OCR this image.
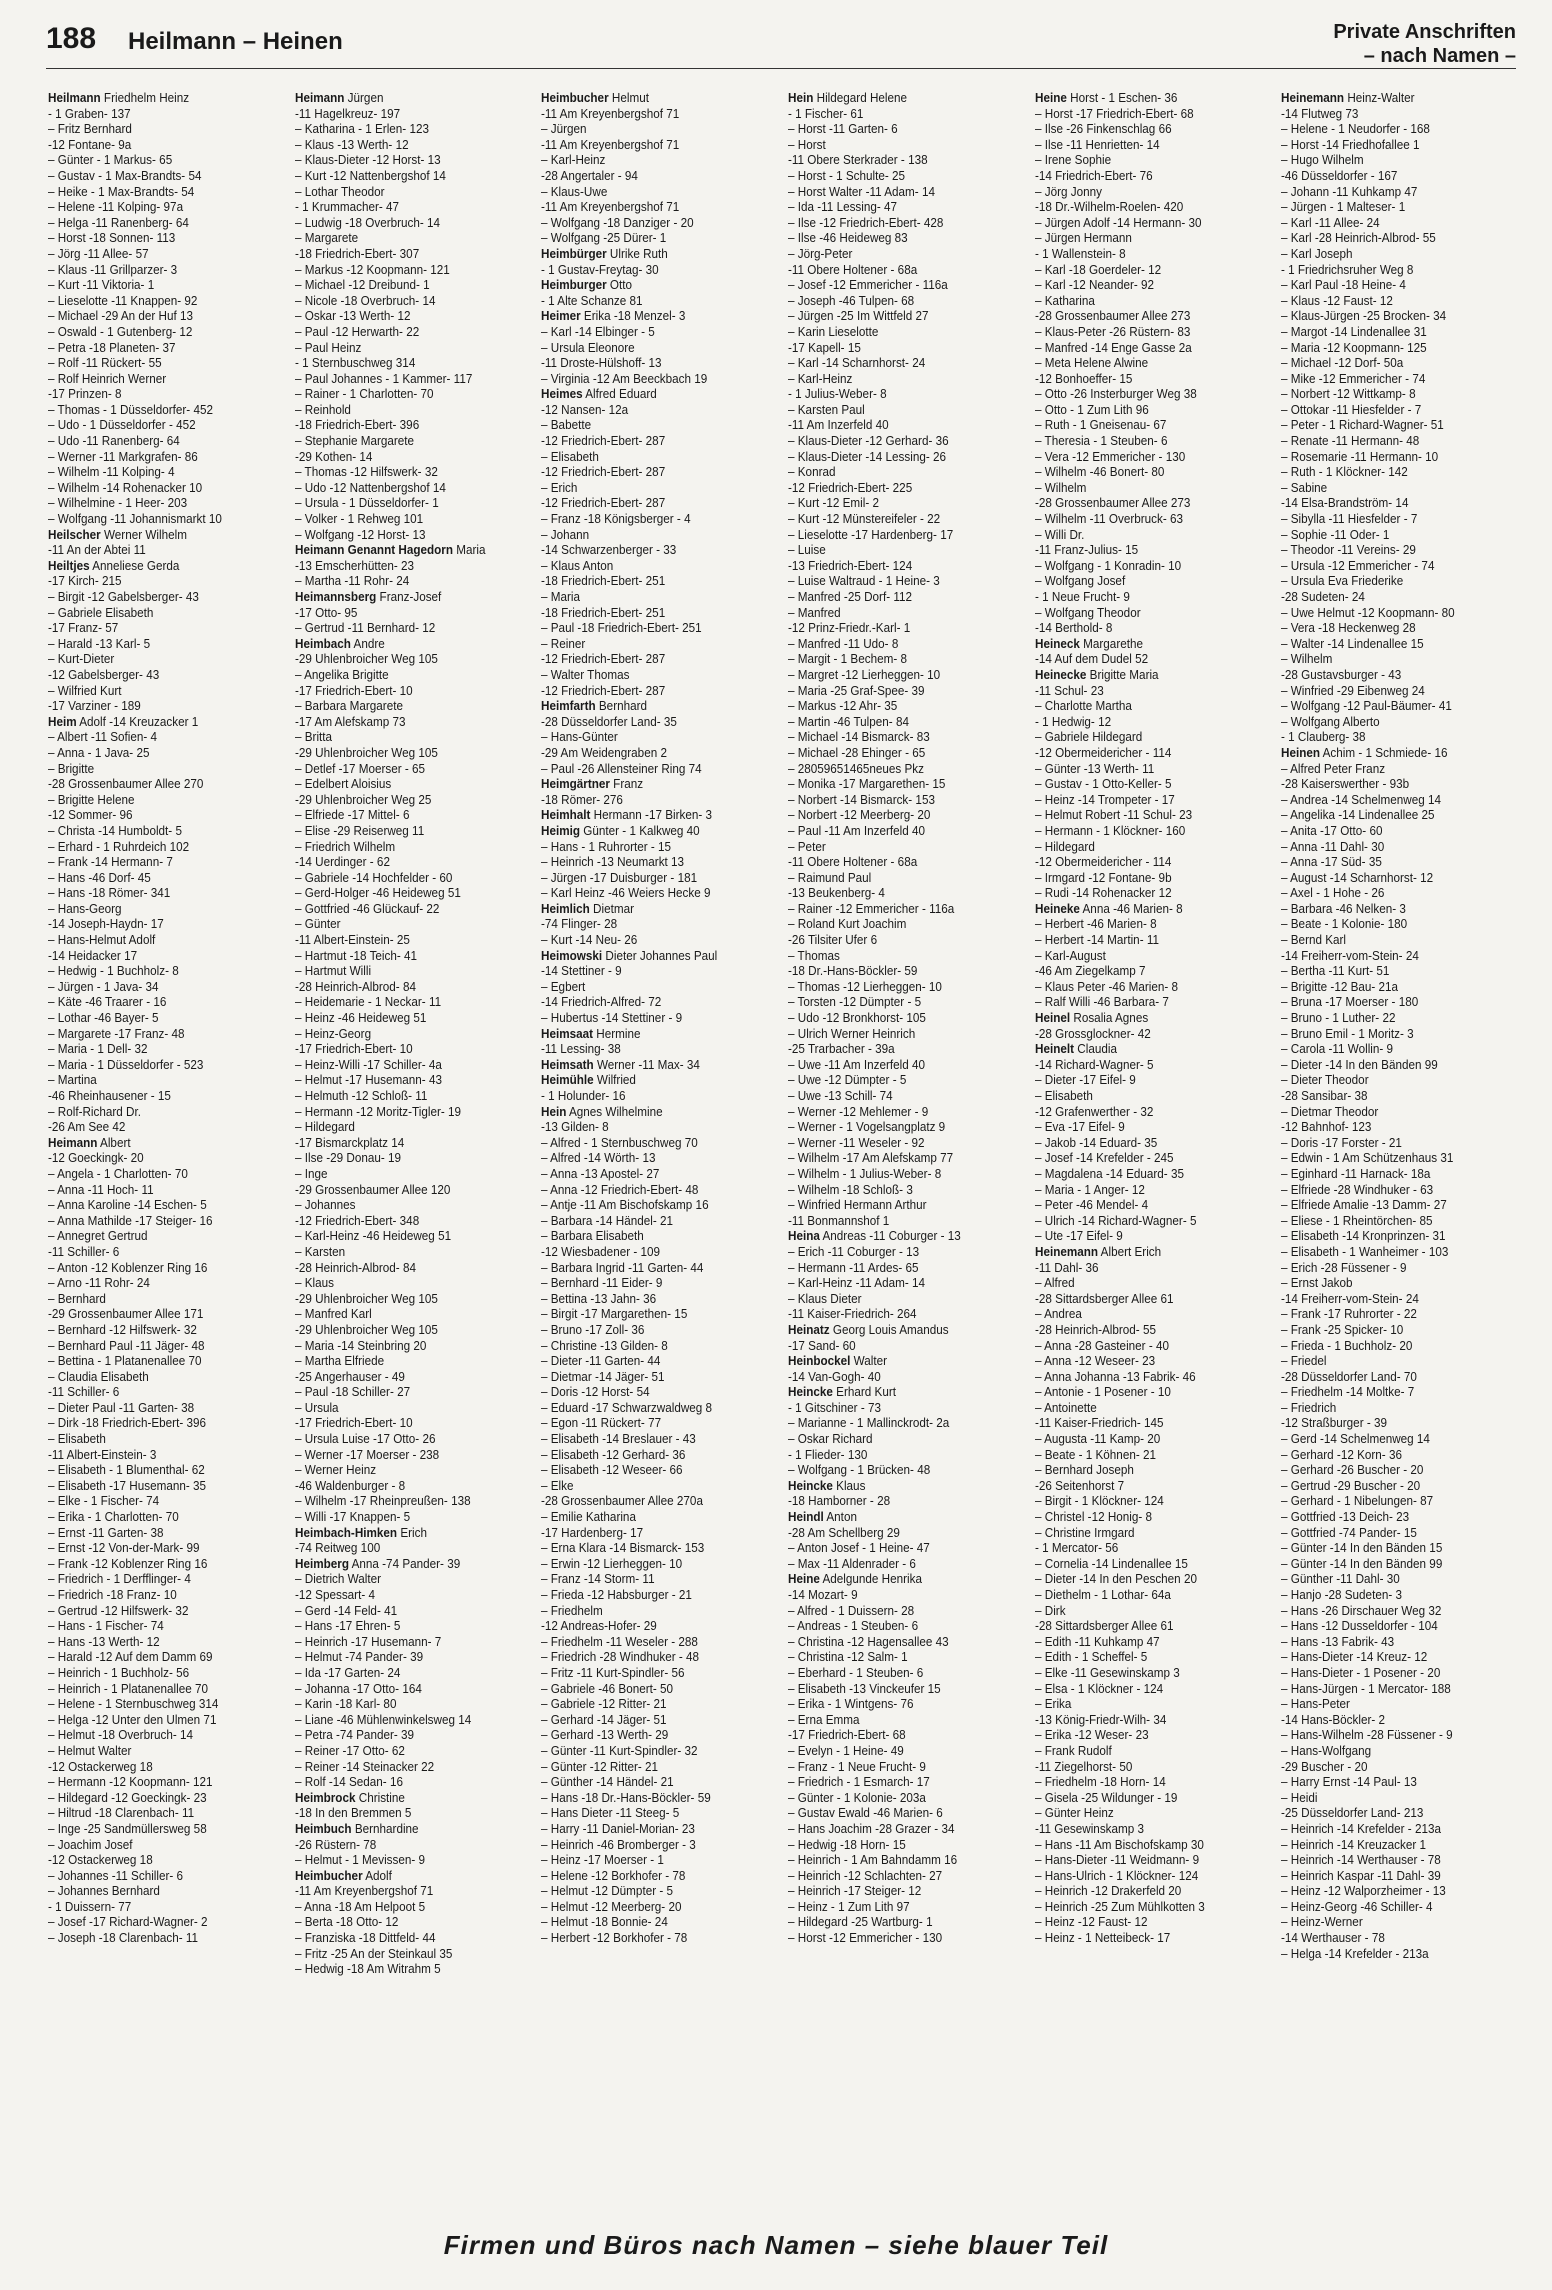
188 Heilmann – Heinen	Private Anschriften
– nach Namen –
Heilmann Friedhelm Heinz
- 1 Graben- 137
– Fritz Bernhard
-12 Fontane- 9a
– Günter - 1 Markus- 65
– Gustav - 1 Max-Brandts- 54
– Heike - 1 Max-Brandts- 54
– Helene -11 Kolping- 97a
– Helga -11 Ranenberg- 64
– Horst -18 Sonnen- 113
– Jörg -11 Allee- 57
– Klaus -11 Grillparzer- 3
– Kurt -11 Viktoria- 1
– Lieselotte -11 Knappen- 92
– Michael -29 An der Huf 13
– Oswald - 1 Gutenberg- 12
– Petra -18 Planeten- 37
– Rolf -11 Rückert- 55
– Rolf Heinrich Werner
-17 Prinzen- 8
– Thomas - 1 Düsseldorfer- 452
– Udo - 1 Düsseldorfer - 452
– Udo -11 Ranenberg- 64
– Werner -11 Markgrafen- 86
– Wilhelm -11 Kolping- 4
– Wilhelm -14 Rohenacker 10
– Wilhelmine - 1 Heer- 203
– Wolfgang -11 Johannismarkt 10
Heilscher Werner Wilhelm
-11 An der Abtei 11
Heiltjes Anneliese Gerda
-17 Kirch- 215
– Birgit -12 Gabelsberger- 43
– Gabriele Elisabeth
-17 Franz- 57
– Harald -13 Karl- 5
– Kurt-Dieter
-12 Gabelsberger- 43
– Wilfried Kurt
-17 Varziner - 189
Heim Adolf -14 Kreuzacker 1
– Albert -11 Sofien- 4
– Anna - 1 Java- 25
– Brigitte
-28 Grossenbaumer Allee 270
– Brigitte Helene
-12 Sommer- 96
– Christa -14 Humboldt- 5
– Erhard - 1 Ruhrdeich 102
– Frank -14 Hermann- 7
– Hans -46 Dorf- 45
– Hans -18 Römer- 341
– Hans-Georg
-14 Joseph-Haydn- 17
– Hans-Helmut Adolf
-14 Heidacker 17
– Hedwig - 1 Buchholz- 8
– Jürgen - 1 Java- 34
– Käte -46 Traarer - 16
– Lothar -46 Bayer- 5
– Margarete -17 Franz- 48
– Maria - 1 Dell- 32
– Maria - 1 Düsseldorfer - 523
– Martina
-46 Rheinhausener - 15
– Rolf-Richard Dr.
-26 Am See 42
Heimann Albert
-12 Goeckingk- 20
– Angela - 1 Charlotten- 70
– Anna -11 Hoch- 11
– Anna Karoline -14 Eschen- 5
– Anna Mathilde -17 Steiger- 16
– Annegret Gertrud
-11 Schiller- 6
– Anton -12 Koblenzer Ring 16
– Arno -11 Rohr- 24
– Bernhard
-29 Grossenbaumer Allee 171
– Bernhard -12 Hilfswerk- 32
– Bernhard Paul -11 Jäger- 48
– Bettina - 1 Platanenallee 70
– Claudia Elisabeth
-11 Schiller- 6
– Dieter Paul -11 Garten- 38
– Dirk -18 Friedrich-Ebert- 396
– Elisabeth
-11 Albert-Einstein- 3
– Elisabeth - 1 Blumenthal- 62
– Elisabeth -17 Husemann- 35
– Elke - 1 Fischer- 74
– Erika - 1 Charlotten- 70
– Ernst -11 Garten- 38
– Ernst -12 Von-der-Mark- 99
– Frank -12 Koblenzer Ring 16
– Friedrich - 1 Derfflinger- 4
– Friedrich -18 Franz- 10
– Gertrud -12 Hilfswerk- 32
– Hans - 1 Fischer- 74
– Hans -13 Werth- 12
– Harald -12 Auf dem Damm 69
– Heinrich - 1 Buchholz- 56
– Heinrich - 1 Platanenallee 70
– Helene - 1 Sternbuschweg 314
– Helga -12 Unter den Ulmen 71
– Helmut -18 Overbruch- 14
– Helmut Walter
-12 Ostackerweg 18
– Hermann -12 Koopmann- 121
– Hildegard -12 Goeckingk- 23
– Hiltrud -18 Clarenbach- 11
– Inge -25 Sandmüllersweg 58
– Joachim Josef
-12 Ostackerweg 18
– Johannes -11 Schiller- 6
– Johannes Bernhard
- 1 Duissern- 77
– Josef -17 Richard-Wagner- 2
– Joseph -18 Clarenbach- 11
Heimann Jürgen
-11 Hagelkreuz- 197
– Katharina - 1 Erlen- 123
– Klaus -13 Werth- 12
– Klaus-Dieter -12 Horst- 13
– Kurt -12 Nattenbergshof 14
– Lothar Theodor
- 1 Krummacher- 47
– Ludwig -18 Overbruch- 14
– Margarete
-18 Friedrich-Ebert- 307
– Markus -12 Koopmann- 121
– Michael -12 Dreibund- 1
– Nicole -18 Overbruch- 14
– Oskar -13 Werth- 12
– Paul -12 Herwarth- 22
– Paul Heinz
- 1 Sternbuschweg 314
– Paul Johannes - 1 Kammer- 117
– Rainer - 1 Charlotten- 70
– Reinhold
-18 Friedrich-Ebert- 396
– Stephanie Margarete
-29 Kothen- 14
– Thomas -12 Hilfswerk- 32
– Udo -12 Nattenbergshof 14
– Ursula - 1 Düsseldorfer- 1
– Volker - 1 Rehweg 101
– Wolfgang -12 Horst- 13
Heimann Genannt Hagedorn Maria
-13 Emscherhütten- 23
– Martha -11 Rohr- 24
Heimannsberg Franz-Josef
-17 Otto- 95
– Gertrud -11 Bernhard- 12
Heimbach Andre
-29 Uhlenbroicher Weg 105
– Angelika Brigitte
-17 Friedrich-Ebert- 10
– Barbara Margarete
-17 Am Alefskamp 73
– Britta
-29 Uhlenbroicher Weg 105
– Detlef -17 Moerser - 65
– Edelbert Aloisius
-29 Uhlenbroicher Weg 25
– Elfriede -17 Mittel- 6
– Elise -29 Reiserweg 11
– Friedrich Wilhelm
-14 Uerdinger - 62
– Gabriele -14 Hochfelder - 60
– Gerd-Holger -46 Heideweg 51
– Gottfried -46 Glückauf- 22
– Günter
-11 Albert-Einstein- 25
– Hartmut -18 Teich- 41
– Hartmut Willi
-28 Heinrich-Albrod- 84
– Heidemarie - 1 Neckar- 11
– Heinz -46 Heideweg 51
– Heinz-Georg
-17 Friedrich-Ebert- 10
– Heinz-Willi -17 Schiller- 4a
– Helmut -17 Husemann- 43
– Helmuth -12 Schloß- 11
– Hermann -12 Moritz-Tigler- 19
– Hildegard
-17 Bismarckplatz 14
– Ilse -29 Donau- 19
– Inge
-29 Grossenbaumer Allee 120
– Johannes
-12 Friedrich-Ebert- 348
– Karl-Heinz -46 Heideweg 51
– Karsten
-28 Heinrich-Albrod- 84
– Klaus
-29 Uhlenbroicher Weg 105
– Manfred Karl
-29 Uhlenbroicher Weg 105
– Maria -14 Steinbring 20
– Martha Elfriede
-25 Angerhauser - 49
– Paul -18 Schiller- 27
– Ursula
-17 Friedrich-Ebert- 10
– Ursula Luise -17 Otto- 26
– Werner -17 Moerser - 238
– Werner Heinz
-46 Waldenburger - 8
– Wilhelm -17 Rheinpreußen- 138
– Willi -17 Knappen- 5
Heimbach-Himken Erich
-74 Reitweg 100
Heimberg Anna -74 Pander- 39
– Dietrich Walter
-12 Spessart- 4
– Gerd -14 Feld- 41
– Hans -17 Ehren- 5
– Heinrich -17 Husemann- 7
– Helmut -74 Pander- 39
– Ida -17 Garten- 24
– Johanna -17 Otto- 164
– Karin -18 Karl- 80
– Liane -46 Mühlenwinkelsweg 14
– Petra -74 Pander- 39
– Reiner -17 Otto- 62
– Reiner -14 Steinacker 22
– Rolf -14 Sedan- 16
Heimbrock Christine
-18 In den Bremmen 5
Heimbuch Bernhardine
-26 Rüstern- 78
– Helmut - 1 Mevissen- 9
Heimbucher Adolf
-11 Am Kreyenbergshof 71
– Anna -18 Am Helpoot 5
– Berta -18 Otto- 12
– Franziska -18 Dittfeld- 44
– Fritz -25 An der Steinkaul 35
– Hedwig -18 Am Witrahm 5
Heimbucher Helmut
-11 Am Kreyenbergshof 71
– Jürgen
-11 Am Kreyenbergshof 71
– Karl-Heinz
-28 Angertaler - 94
– Klaus-Uwe
-11 Am Kreyenbergshof 71
– Wolfgang -18 Danziger - 20
– Wolfgang -25 Dürer- 1
Heimbürger Ulrike Ruth
- 1 Gustav-Freytag- 30
Heimburger Otto
- 1 Alte Schanze 81
Heimer Erika -18 Menzel- 3
– Karl -14 Elbinger - 5
– Ursula Eleonore
-11 Droste-Hülshoff- 13
– Virginia -12 Am Beeckbach 19
Heimes Alfred Eduard
-12 Nansen- 12a
– Babette
-12 Friedrich-Ebert- 287
– Elisabeth
-12 Friedrich-Ebert- 287
– Erich
-12 Friedrich-Ebert- 287
– Franz -18 Königsberger - 4
– Johann
-14 Schwarzenberger - 33
– Klaus Anton
-18 Friedrich-Ebert- 251
– Maria
-18 Friedrich-Ebert- 251
– Paul -18 Friedrich-Ebert- 251
– Reiner
-12 Friedrich-Ebert- 287
– Walter Thomas
-12 Friedrich-Ebert- 287
Heimfarth Bernhard
-28 Düsseldorfer Land- 35
– Hans-Günter
-29 Am Weidengraben 2
– Paul -26 Allensteiner Ring 74
Heimgärtner Franz
-18 Römer- 276
Heimhalt Hermann -17 Birken- 3
Heimig Günter - 1 Kalkweg 40
– Hans - 1 Ruhrorter - 15
– Heinrich -13 Neumarkt 13
– Jürgen -17 Duisburger - 181
– Karl Heinz -46 Weiers Hecke 9
Heimlich Dietmar
-74 Flinger- 28
– Kurt -14 Neu- 26
Heimowski Dieter Johannes Paul
-14 Stettiner - 9
– Egbert
-14 Friedrich-Alfred- 72
– Hubertus -14 Stettiner - 9
Heimsaat Hermine
-11 Lessing- 38
Heimsath Werner -11 Max- 34
Heimühle Wilfried
- 1 Holunder- 16
Hein Agnes Wilhelmine
-13 Gilden- 8
– Alfred - 1 Sternbuschweg 70
– Alfred -14 Wörth- 13
– Anna -13 Apostel- 27
– Anna -12 Friedrich-Ebert- 48
– Antje -11 Am Bischofskamp 16
– Barbara -14 Händel- 21
– Barbara Elisabeth
-12 Wiesbadener - 109
– Barbara Ingrid -11 Garten- 44
– Bernhard -11 Eider- 9
– Bettina -13 Jahn- 36
– Birgit -17 Margarethen- 15
– Bruno -17 Zoll- 36
– Christine -13 Gilden- 8
– Dieter -11 Garten- 44
– Dietmar -14 Jäger- 51
– Doris -12 Horst- 54
– Eduard -17 Schwarzwaldweg 8
– Egon -11 Rückert- 77
– Elisabeth -14 Breslauer - 43
– Elisabeth -12 Gerhard- 36
– Elisabeth -12 Weseer- 66
– Elke
-28 Grossenbaumer Allee 270a
– Emilie Katharina
-17 Hardenberg- 17
– Erna Klara -14 Bismarck- 153
– Erwin -12 Lierheggen- 10
– Franz -14 Storm- 11
– Frieda -12 Habsburger - 21
– Friedhelm
-12 Andreas-Hofer- 29
– Friedhelm -11 Weseler - 288
– Friedrich -28 Windhuker - 48
– Fritz -11 Kurt-Spindler- 56
– Gabriele -46 Bonert- 50
– Gabriele -12 Ritter- 21
– Gerhard -14 Jäger- 51
– Gerhard -13 Werth- 29
– Günter -11 Kurt-Spindler- 32
– Günter -12 Ritter- 21
– Günther -14 Händel- 21
– Hans -18 Dr.-Hans-Böckler- 59
– Hans Dieter -11 Steeg- 5
– Harry -11 Daniel-Morian- 23
– Heinrich -46 Bromberger - 3
– Heinz -17 Moerser - 1
– Helene -12 Borkhofer - 78
– Helmut -12 Dümpter - 5
– Helmut -12 Meerberg- 20
– Helmut -18 Bonnie- 24
– Herbert -12 Borkhofer - 78
Hein Hildegard Helene
- 1 Fischer- 61
– Horst -11 Garten- 6
– Horst
-11 Obere Sterkrader - 138
– Horst - 1 Schulte- 25
– Horst Walter -11 Adam- 14
– Ida -11 Lessing- 47
– Ilse -12 Friedrich-Ebert- 428
– Ilse -46 Heideweg 83
– Jörg-Peter
-11 Obere Holtener - 68a
– Josef -12 Emmericher - 116a
– Joseph -46 Tulpen- 68
– Jürgen -25 Im Wittfeld 27
– Karin Lieselotte
-17 Kapell- 15
– Karl -14 Scharnhorst- 24
– Karl-Heinz
- 1 Julius-Weber- 8
– Karsten Paul
-11 Am Inzerfeld 40
– Klaus-Dieter -12 Gerhard- 36
– Klaus-Dieter -14 Lessing- 26
– Konrad
-12 Friedrich-Ebert- 225
– Kurt -12 Emil- 2
– Kurt -12 Münstereifeler - 22
– Lieselotte -17 Hardenberg- 17
– Luise
-13 Friedrich-Ebert- 124
– Luise Waltraud - 1 Heine- 3
– Manfred -25 Dorf- 112
– Manfred
-12 Prinz-Friedr.-Karl- 1
– Manfred -11 Udo- 8
– Margit - 1 Bechem- 8
– Margret -12 Lierheggen- 10
– Maria -25 Graf-Spee- 39
– Markus -12 Ahr- 35
– Martin -46 Tulpen- 84
– Michael -14 Bismarck- 83
– Michael -28 Ehinger - 65
– 28059651465neues Pkz
– Monika -17 Margarethen- 15
– Norbert -14 Bismarck- 153
– Norbert -12 Meerberg- 20
– Paul -11 Am Inzerfeld 40
– Peter
-11 Obere Holtener - 68a
– Raimund Paul
-13 Beukenberg- 4
– Rainer -12 Emmericher - 116a
– Roland Kurt Joachim
-26 Tilsiter Ufer 6
– Thomas
-18 Dr.-Hans-Böckler- 59
– Thomas -12 Lierheggen- 10
– Torsten -12 Dümpter - 5
– Udo -12 Bronkhorst- 105
– Ulrich Werner Heinrich
-25 Trarbacher - 39a
– Uwe -11 Am Inzerfeld 40
– Uwe -12 Dümpter - 5
– Uwe -13 Schill- 74
– Werner -12 Mehlemer - 9
– Werner - 1 Vogelsangplatz 9
– Werner -11 Weseler - 92
– Wilhelm -17 Am Alefskamp 77
– Wilhelm - 1 Julius-Weber- 8
– Wilhelm -18 Schloß- 3
– Winfried Hermann Arthur
-11 Bonmannshof 1
Heina Andreas -11 Coburger - 13
– Erich -11 Coburger - 13
– Hermann -11 Ardes- 65
– Karl-Heinz -11 Adam- 14
– Klaus Dieter
-11 Kaiser-Friedrich- 264
Heinatz Georg Louis Amandus
-17 Sand- 60
Heinbockel Walter
-14 Van-Gogh- 40
Heincke Erhard Kurt
- 1 Gitschiner - 73
– Marianne - 1 Mallinckrodt- 2a
– Oskar Richard
- 1 Flieder- 130
– Wolfgang - 1 Brücken- 48
Heincke Klaus
-18 Hamborner - 28
Heindl Anton
-28 Am Schellberg 29
– Anton Josef - 1 Heine- 47
– Max -11 Aldenrader - 6
Heine Adelgunde Henrika
-14 Mozart- 9
– Alfred - 1 Duissern- 28
– Andreas - 1 Steuben- 6
– Christina -12 Hagensallee 43
– Christina -12 Salm- 1
– Eberhard - 1 Steuben- 6
– Elisabeth -13 Vinckeufer 15
– Erika - 1 Wintgens- 76
– Erna Emma
-17 Friedrich-Ebert- 68
– Evelyn - 1 Heine- 49
– Franz - 1 Neue Frucht- 9
– Friedrich - 1 Esmarch- 17
– Günter - 1 Kolonie- 203a
– Gustav Ewald -46 Marien- 6
– Hans Joachim -28 Grazer - 34
– Hedwig -18 Horn- 15
– Heinrich - 1 Am Bahndamm 16
– Heinrich -12 Schlachten- 27
– Heinrich -17 Steiger- 12
– Heinz - 1 Zum Lith 97
– Hildegard -25 Wartburg- 1
– Horst -12 Emmericher - 130
Heine Horst - 1 Eschen- 36
– Horst -17 Friedrich-Ebert- 68
– Ilse -26 Finkenschlag 66
– Ilse -11 Henrietten- 14
– Irene Sophie
-14 Friedrich-Ebert- 76
– Jörg Jonny
-18 Dr.-Wilhelm-Roelen- 420
– Jürgen Adolf -14 Hermann- 30
– Jürgen Hermann
- 1 Wallenstein- 8
– Karl -18 Goerdeler- 12
– Karl -12 Neander- 92
– Katharina
-28 Grossenbaumer Allee 273
– Klaus-Peter -26 Rüstern- 83
– Manfred -14 Enge Gasse 2a
– Meta Helene Alwine
-12 Bonhoeffer- 15
– Otto -26 Insterburger Weg 38
– Otto - 1 Zum Lith 96
– Ruth - 1 Gneisenau- 67
– Theresia - 1 Steuben- 6
– Vera -12 Emmericher - 130
– Wilhelm -46 Bonert- 80
– Wilhelm
-28 Grossenbaumer Allee 273
– Wilhelm -11 Overbruck- 63
– Willi Dr.
-11 Franz-Julius- 15
– Wolfgang - 1 Konradin- 10
– Wolfgang Josef
- 1 Neue Frucht- 9
– Wolfgang Theodor
-14 Berthold- 8
Heineck Margarethe
-14 Auf dem Dudel 52
Heinecke Brigitte Maria
-11 Schul- 23
– Charlotte Martha
- 1 Hedwig- 12
– Gabriele Hildegard
-12 Obermeidericher - 114
– Günter -13 Werth- 11
– Gustav - 1 Otto-Keller- 5
– Heinz -14 Trompeter - 17
– Helmut Robert -11 Schul- 23
– Hermann - 1 Klöckner- 160
– Hildegard
-12 Obermeidericher - 114
– Irmgard -12 Fontane- 9b
– Rudi -14 Rohenacker 12
Heineke Anna -46 Marien- 8
– Herbert -46 Marien- 8
– Herbert -14 Martin- 11
– Karl-August
-46 Am Ziegelkamp 7
– Klaus Peter -46 Marien- 8
– Ralf Willi -46 Barbara- 7
Heinel Rosalia Agnes
-28 Grossglockner- 42
Heinelt Claudia
-14 Richard-Wagner- 5
– Dieter -17 Eifel- 9
– Elisabeth
-12 Grafenwerther - 32
– Eva -17 Eifel- 9
– Jakob -14 Eduard- 35
– Josef -14 Krefelder - 245
– Magdalena -14 Eduard- 35
– Maria - 1 Anger- 12
– Peter -46 Mendel- 4
– Ulrich -14 Richard-Wagner- 5
– Ute -17 Eifel- 9
Heinemann Albert Erich
-11 Dahl- 36
– Alfred
-28 Sittardsberger Allee 61
– Andrea
-28 Heinrich-Albrod- 55
– Anna -28 Gasteiner - 40
– Anna -12 Weseer- 23
– Anna Johanna -13 Fabrik- 46
– Antonie - 1 Posener - 10
– Antoinette
-11 Kaiser-Friedrich- 145
– Augusta -11 Kamp- 20
– Beate - 1 Köhnen- 21
– Bernhard Joseph
-26 Seitenhorst 7
– Birgit - 1 Klöckner- 124
– Christel -12 Honig- 8
– Christine Irmgard
- 1 Mercator- 56
– Cornelia -14 Lindenallee 15
– Dieter -14 In den Peschen 20
– Diethelm - 1 Lothar- 64a
– Dirk
-28 Sittardsberger Allee 61
– Edith -11 Kuhkamp 47
– Edith - 1 Scheffel- 5
– Elke -11 Gesewinskamp 3
– Elsa - 1 Klöckner - 124
– Erika
-13 König-Friedr-Wilh- 34
– Erika -12 Weser- 23
– Frank Rudolf
-11 Ziegelhorst- 50
– Friedhelm -18 Horn- 14
– Gisela -25 Wildunger - 19
– Günter Heinz
-11 Gesewinskamp 3
– Hans -11 Am Bischofskamp 30
– Hans-Dieter -11 Weidmann- 9
– Hans-Ulrich - 1 Klöckner- 124
– Heinrich -12 Drakerfeld 20
– Heinrich -25 Zum Mühlkotten 3
– Heinz -12 Faust- 12
– Heinz - 1 Netteibeck- 17
Heinemann Heinz-Walter
-14 Flutweg 73
– Helene - 1 Neudorfer - 168
– Horst -14 Friedhofallee 1
– Hugo Wilhelm
-46 Düsseldorfer - 167
– Johann -11 Kuhkamp 47
– Jürgen - 1 Malteser- 1
– Karl -11 Allee- 24
– Karl -28 Heinrich-Albrod- 55
– Karl Joseph
- 1 Friedrichsruher Weg 8
– Karl Paul -18 Heine- 4
– Klaus -12 Faust- 12
– Klaus-Jürgen -25 Brocken- 34
– Margot -14 Lindenallee 31
– Maria -12 Koopmann- 125
– Michael -12 Dorf- 50a
– Mike -12 Emmericher - 74
– Norbert -12 Wittkamp- 8
– Ottokar -11 Hiesfelder - 7
– Peter - 1 Richard-Wagner- 51
– Renate -11 Hermann- 48
– Rosemarie -11 Hermann- 10
– Ruth - 1 Klöckner- 142
– Sabine
-14 Elsa-Brandström- 14
– Sibylla -11 Hiesfelder - 7
– Sophie -11 Oder- 1
– Theodor -11 Vereins- 29
– Ursula -12 Emmericher - 74
– Ursula Eva Friederike
-28 Sudeten- 24
– Uwe Helmut -12 Koopmann- 80
– Vera -18 Heckenweg 28
– Walter -14 Lindenallee 15
– Wilhelm
-28 Gustavsburger - 43
– Winfried -29 Eibenweg 24
– Wolfgang -12 Paul-Bäumer- 41
– Wolfgang Alberto
- 1 Clauberg- 38
Heinen Achim - 1 Schmiede- 16
– Alfred Peter Franz
-28 Kaiserswerther - 93b
– Andrea -14 Schelmenweg 14
– Angelika -14 Lindenallee 25
– Anita -17 Otto- 60
– Anna -11 Dahl- 30
– Anna -17 Süd- 35
– August -14 Scharnhorst- 12
– Axel - 1 Hohe - 26
– Barbara -46 Nelken- 3
– Beate - 1 Kolonie- 180
– Bernd Karl
-14 Freiherr-vom-Stein- 24
– Bertha -11 Kurt- 51
– Brigitte -12 Bau- 21a
– Bruna -17 Moerser - 180
– Bruno - 1 Luther- 22
– Bruno Emil - 1 Moritz- 3
– Carola -11 Wollin- 9
– Dieter -14 In den Bänden 99
– Dieter Theodor
-28 Sansibar- 38
– Dietmar Theodor
-12 Bahnhof- 123
– Doris -17 Forster - 21
– Edwin - 1 Am Schützenhaus 31
– Eginhard -11 Harnack- 18a
– Elfriede -28 Windhuker - 63
– Elfriede Amalie -13 Damm- 27
– Eliese - 1 Rheintörchen- 85
– Elisabeth -14 Kronprinzen- 31
– Elisabeth - 1 Wanheimer - 103
– Erich -28 Füssener - 9
– Ernst Jakob
-14 Freiherr-vom-Stein- 24
– Frank -17 Ruhrorter - 22
– Frank -25 Spicker- 10
– Frieda - 1 Buchholz- 20
– Friedel
-28 Düsseldorfer Land- 70
– Friedhelm -14 Moltke- 7
– Friedrich
-12 Straßburger - 39
– Gerd -14 Schelmenweg 14
– Gerhard -12 Korn- 36
– Gerhard -26 Buscher - 20
– Gertrud -29 Buscher - 20
– Gerhard - 1 Nibelungen- 87
– Gottfried -13 Deich- 23
– Gottfried -74 Pander- 15
– Günter -14 In den Bänden 15
– Günter -14 In den Bänden 99
– Günther -11 Dahl- 30
– Hanjo -28 Sudeten- 3
– Hans -26 Dirschauer Weg 32
– Hans -12 Dusseldorfer - 104
– Hans -13 Fabrik- 43
– Hans-Dieter -14 Kreuz- 12
– Hans-Dieter - 1 Posener - 20
– Hans-Jürgen - 1 Mercator- 188
– Hans-Peter
-14 Hans-Böckler- 2
– Hans-Wilhelm -28 Füssener - 9
– Hans-Wolfgang
-29 Buscher - 20
– Harry Ernst -14 Paul- 13
– Heidi
-25 Düsseldorfer Land- 213
– Heinrich -14 Krefelder - 213a
– Heinrich -14 Kreuzacker 1
– Heinrich -14 Werthauser - 78
– Heinrich Kaspar -11 Dahl- 39
– Heinz -12 Walporzheimer - 13
– Heinz-Georg -46 Schiller- 4
– Heinz-Werner
-14 Werthauser - 78
– Helga -14 Krefelder - 213a
Firmen und Büros nach Namen – siehe blauer Teil
